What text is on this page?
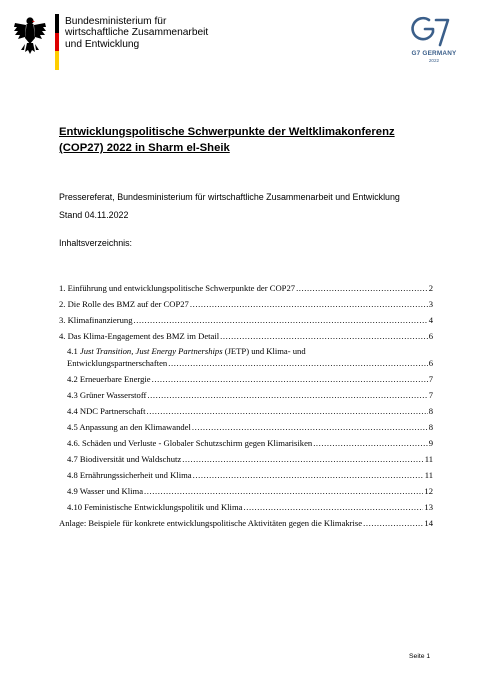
Bundesministerium für
wirtschaftliche Zusammenarbeit
und Entwicklung
G7 GERMANY
2022
Entwicklungspolitische Schwerpunkte der Weltklimakonferenz
(COP27) 2022 in Sharm el-Sheik
Pressereferat, Bundesministerium für wirtschaftliche Zusammenarbeit und Entwicklung
Stand 04.11.2022
Inhaltsverzeichnis:
1. Einführung und entwicklungspolitische Schwerpunkte der COP27 .....	2
2. Die Rolle des BMZ auf der COP27 .....	3
3. Klimafinanzierung .....	4
4. Das Klima-Engagement des BMZ im Detail .....	6
4.1 Just Transition, Just Energy Partnerships (JETP) und Klima- und
Entwicklungspartnerschaften .....	6
4.2 Erneuerbare Energie .....	7
4.3 Grüner Wasserstoff .....	7
4.4 NDC Partnerschaft .....	8
4.5 Anpassung an den Klimawandel .....	8
4.6. Schäden und Verluste - Globaler Schutzschirm gegen Klimarisiken .....	9
4.7 Biodiversität und Waldschutz .....	11
4.8 Ernährungssicherheit und Klima .....	11
4.9 Wasser und Klima .....	12
4.10 Feministische Entwicklungspolitik und Klima .....	13
Anlage: Beispiele für konkrete entwicklungspolitische Aktivitäten gegen die Klimakrise .....	14
Seite 1
